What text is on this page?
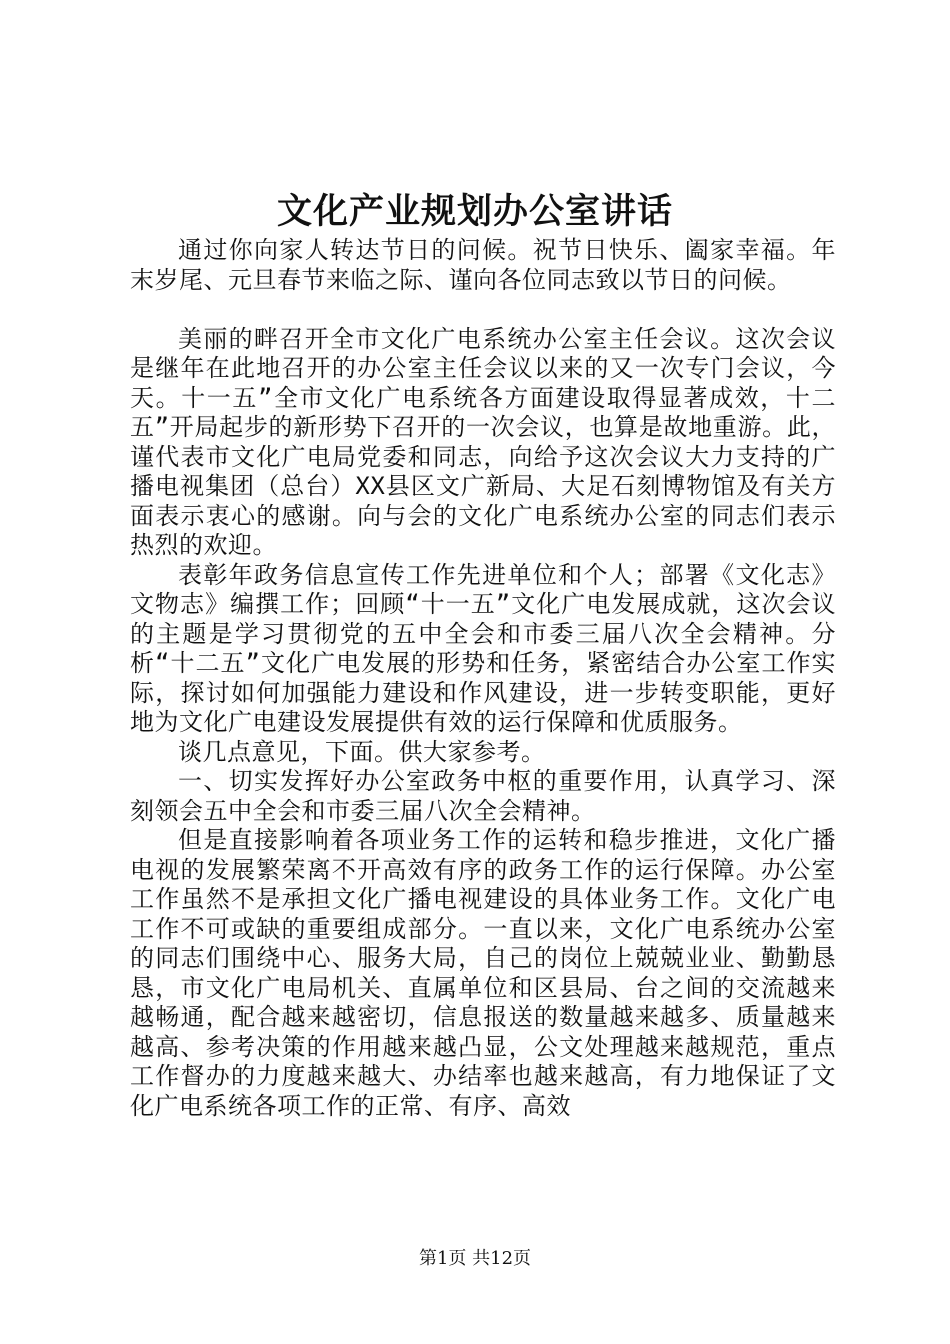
文化产业规划办公室讲话

通过你向家人转达节日的问候。祝节日快乐、阖家幸福。年末岁尾、元旦春节来临之际、谨向各位同志致以节日的问候。

美丽的畔召开全市文化广电系统办公室主任会议。这次会议是继年在此地召开的办公室主任会议以来的又一次专门会议，今天。十一五”全市文化广电系统各方面建设取得显著成效，十二五”开局起步的新形势下召开的一次会议，也算是故地重游。此，谨代表市文化广电局党委和同志，向给予这次会议大力支持的广播电视集团（总台）XX县区文广新局、大足石刻博物馆及有关方面表示衷心的感谢。向与会的文化广电系统办公室的同志们表示热烈的欢迎。

表彰年政务信息宣传工作先进单位和个人；部署《文化志》文物志》编撰工作；回顾“十一五”文化广电发展成就，这次会议的主题是学习贯彻党的五中全会和市委三届八次全会精神。分析“十二五”文化广电发展的形势和任务，紧密结合办公室工作实际，探讨如何加强能力建设和作风建设，进一步转变职能，更好地为文化广电建设发展提供有效的运行保障和优质服务。

谈几点意见，下面。供大家参考。

一、切实发挥好办公室政务中枢的重要作用，认真学习、深刻领会五中全会和市委三届八次全会精神。

但是直接影响着各项业务工作的运转和稳步推进，文化广播电视的发展繁荣离不开高效有序的政务工作的运行保障。办公室工作虽然不是承担文化广播电视建设的具体业务工作。文化广电工作不可或缺的重要组成部分。一直以来，文化广电系统办公室的同志们围绕中心、服务大局，自己的岗位上兢兢业业、勤勤恳恳，市文化广电局机关、直属单位和区县局、台之间的交流越来越畅通，配合越来越密切，信息报送的数量越来越多、质量越来越高、参考决策的作用越来越凸显，公文处理越来越规范，重点工作督办的力度越来越大、办结率也越来越高，有力地保证了文化广电系统各项工作的正常、有序、高效

第1页 共12页
